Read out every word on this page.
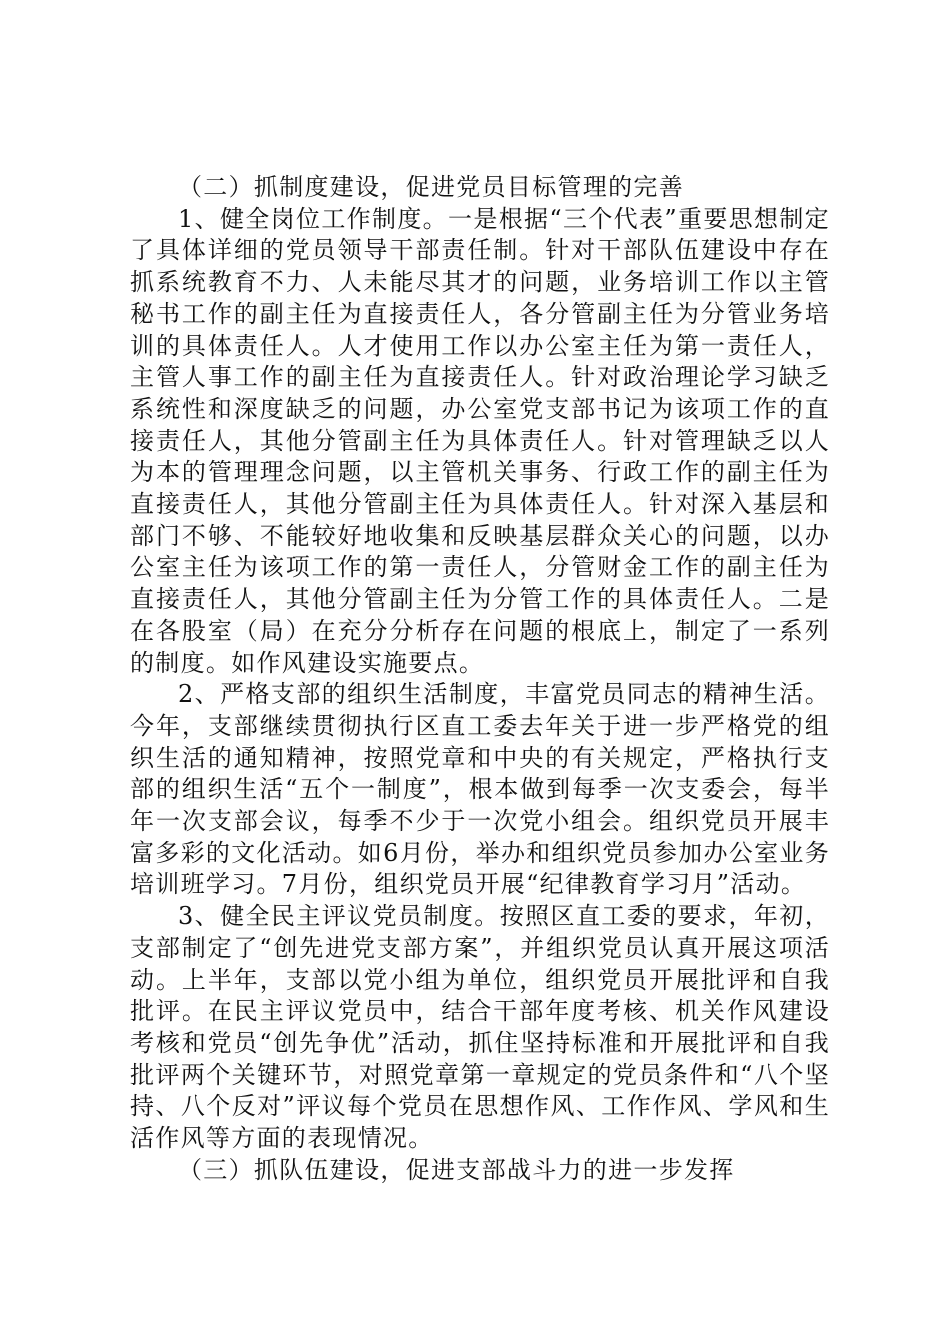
（二）抓制度建设，促进党员目标管理的完善

1、健全岗位工作制度。一是根据“三个代表”重要思想制定了具体详细的党员领导干部责任制。针对干部队伍建设中存在抓系统教育不力、人未能尽其才的问题，业务培训工作以主管秘书工作的副主任为直接责任人，各分管副主任为分管业务培训的具体责任人。人才使用工作以办公室主任为第一责任人，主管人事工作的副主任为直接责任人。针对政治理论学习缺乏系统性和深度缺乏的问题，办公室党支部书记为该项工作的直接责任人，其他分管副主任为具体责任人。针对管理缺乏以人为本的管理理念问题，以主管机关事务、行政工作的副主任为直接责任人，其他分管副主任为具体责任人。针对深入基层和部门不够、不能较好地收集和反映基层群众关心的问题，以办公室主任为该项工作的第一责任人，分管财金工作的副主任为直接责任人，其他分管副主任为分管工作的具体责任人。二是在各股室（局）在充分分析存在问题的根底上，制定了一系列的制度。如作风建设实施要点。

2、严格支部的组织生活制度，丰富党员同志的精神生活。今年，支部继续贯彻执行区直工委去年关于进一步严格党的组织生活的通知精神，按照党章和中央的有关规定，严格执行支部的组织生活“五个一制度”，根本做到每季一次支委会，每半年一次支部会议，每季不少于一次党小组会。组织党员开展丰富多彩的文化活动。如6月份，举办和组织党员参加办公室业务培训班学习。7月份，组织党员开展“纪律教育学习月”活动。

3、健全民主评议党员制度。按照区直工委的要求，年初，支部制定了“创先进党支部方案”，并组织党员认真开展这项活动。上半年，支部以党小组为单位，组织党员开展批评和自我批评。在民主评议党员中，结合干部年度考核、机关作风建设考核和党员“创先争优”活动，抓住坚持标准和开展批评和自我批评两个关键环节，对照党章第一章规定的党员条件和“八个坚持、八个反对”评议每个党员在思想作风、工作作风、学风和生活作风等方面的表现情况。

（三）抓队伍建设，促进支部战斗力的进一步发挥
